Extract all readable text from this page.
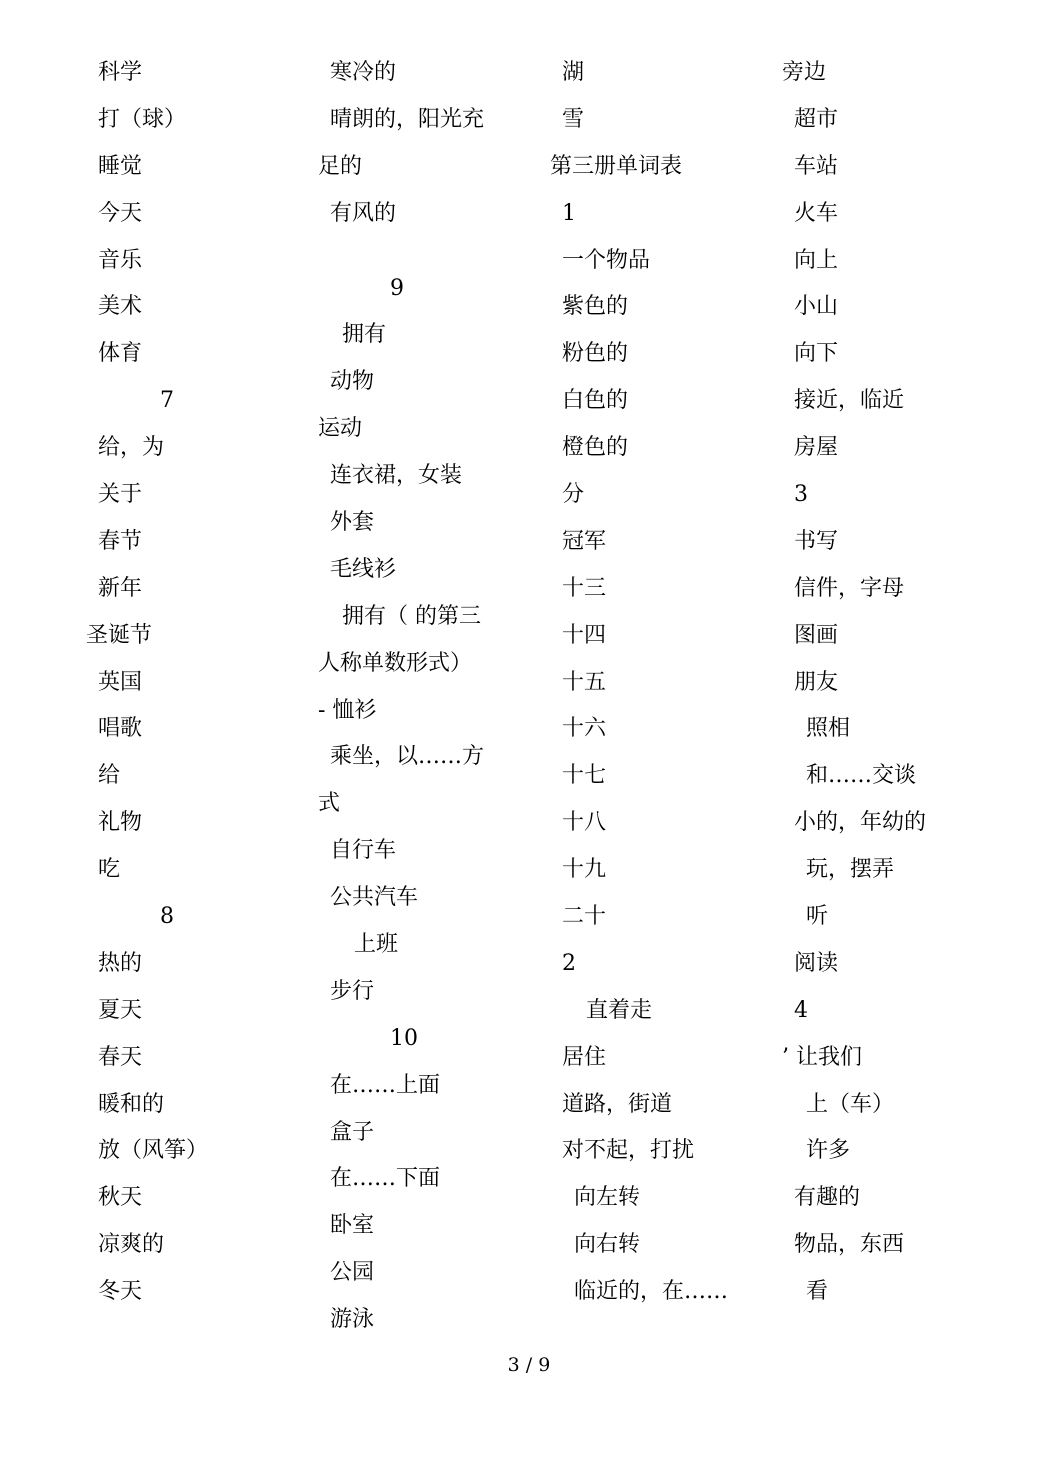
科学
打（球）
睡觉
今天
音乐
美术
体育
7
给，为
关于
春节
新年
圣诞节
英国
唱歌
给
礼物
吃
8
热的
夏天
春天
暖和的
放（风筝）
秋天
凉爽的
冬天
寒冷的
晴朗的，阳光充
足的
有风的
9
拥有
动物
运动
连衣裙，女装
外套
毛线衫
拥有（ 的第三
人称单数形式）
- 恤衫
乘坐，以……方
式
自行车
公共汽车
上班
步行
10
在……上面
盒子
在……下面
卧室
公园
游泳
湖
雪
第三册单词表
1
一个物品
紫色的
粉色的
白色的
橙色的
分
冠军
十三
十四
十五
十六
十七
十八
十九
二十
2
直着走
居住
道路，街道
对不起，打扰
向左转
向右转
临近的，在……
旁边
超市
车站
火车
向上
小山
向下
接近，临近
房屋
3
书写
信件，字母
图画
朋友
照相
和……交谈
小的，年幼的
玩，摆弄
听
阅读
4
’ 让我们
上（车）
许多
有趣的
物品，东西
看
3 / 9
